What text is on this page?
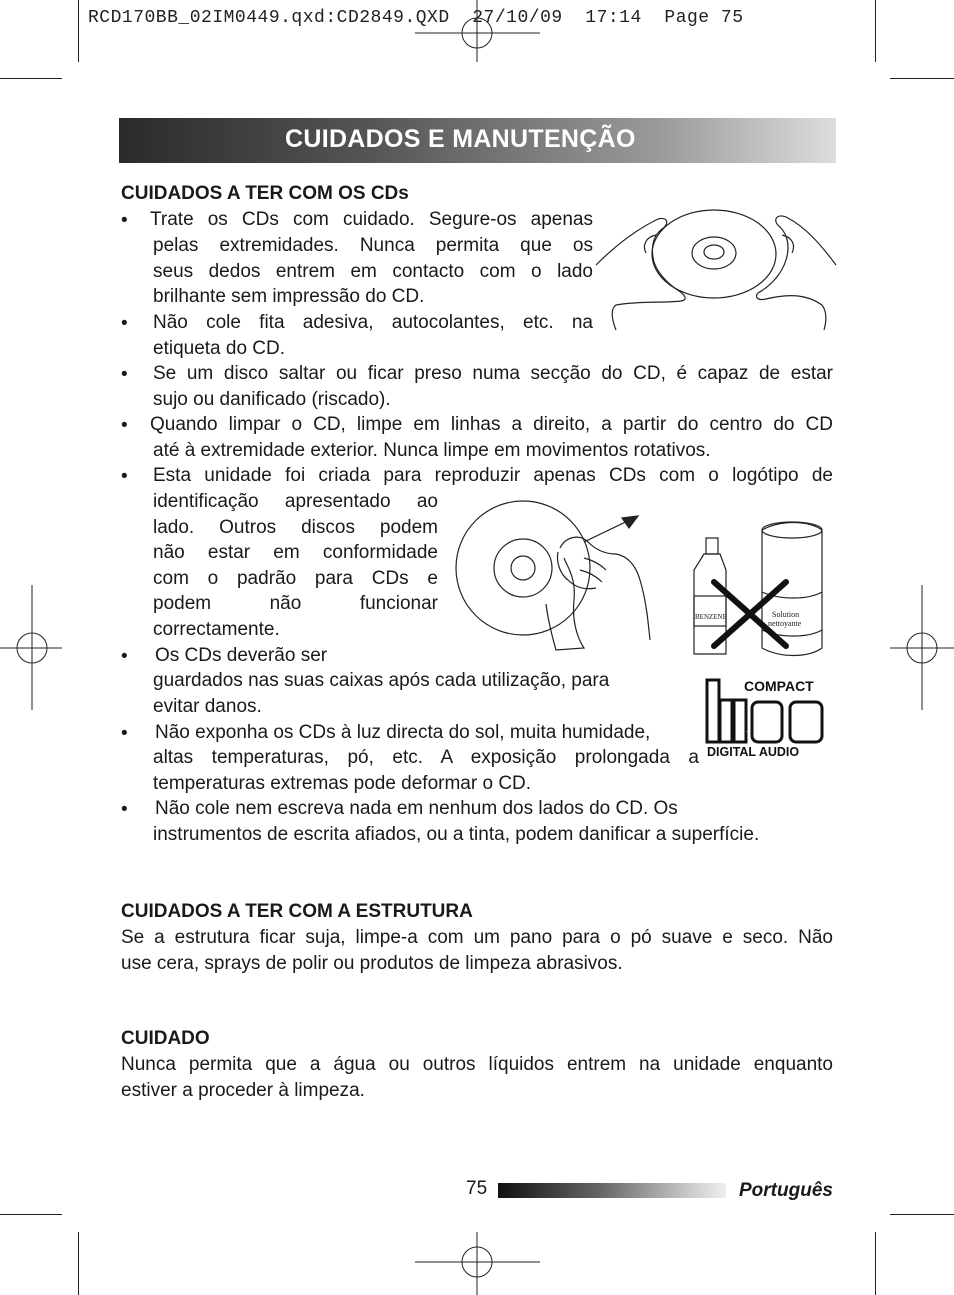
RCD170BB_02IM0449.qxd:CD2849.QXD  27/10/09  17:14  Page 75
CUIDADOS E MANUTENÇÃO
CUIDADOS A TER COM OS CDs
• Trate os CDs com cuidado. Segure-os apenas
pelas extremidades. Nunca permita que os
seus dedos entrem em contacto com o lado
brilhante sem impressão do CD.
• Não cole fita adesiva, autocolantes, etc. na
etiqueta do CD.
• Se um disco saltar ou ficar preso numa secção do CD, é capaz de estar
sujo ou danificado (riscado).
• Quando limpar o CD, limpe em linhas a direito, a partir do centro do CD
até à extremidade exterior. Nunca limpe em movimentos rotativos.
• Esta unidade foi criada para reproduzir apenas CDs com o logótipo de
identificação apresentado ao
lado. Outros discos podem
não estar em conformidade
com o padrão para CDs e
podem não funcionar
correctamente.
• Os CDs deverão ser
guardados nas suas caixas após cada utilização, para
evitar danos.
• Não exponha os CDs à luz directa do sol, muita humidade,
altas temperaturas, pó, etc. A exposição prolongada a
temperaturas extremas pode deformar o CD.
• Não cole nem escreva nada em nenhum dos lados do CD. Os
instrumentos de escrita afiados, ou a tinta, podem danificar a superfície.
CUIDADOS A TER COM A ESTRUTURA
Se a estrutura ficar suja, limpe-a com um pano para o pó suave e seco. Não
use cera, sprays de polir ou produtos de limpeza abrasivos.
CUIDADO
Nunca permita que a água ou outros líquidos entrem na unidade enquanto
estiver a proceder à limpeza.
BENZENE	Solution
nettoyante
COMPACT
disc
DIGITAL AUDIO
75	Português
